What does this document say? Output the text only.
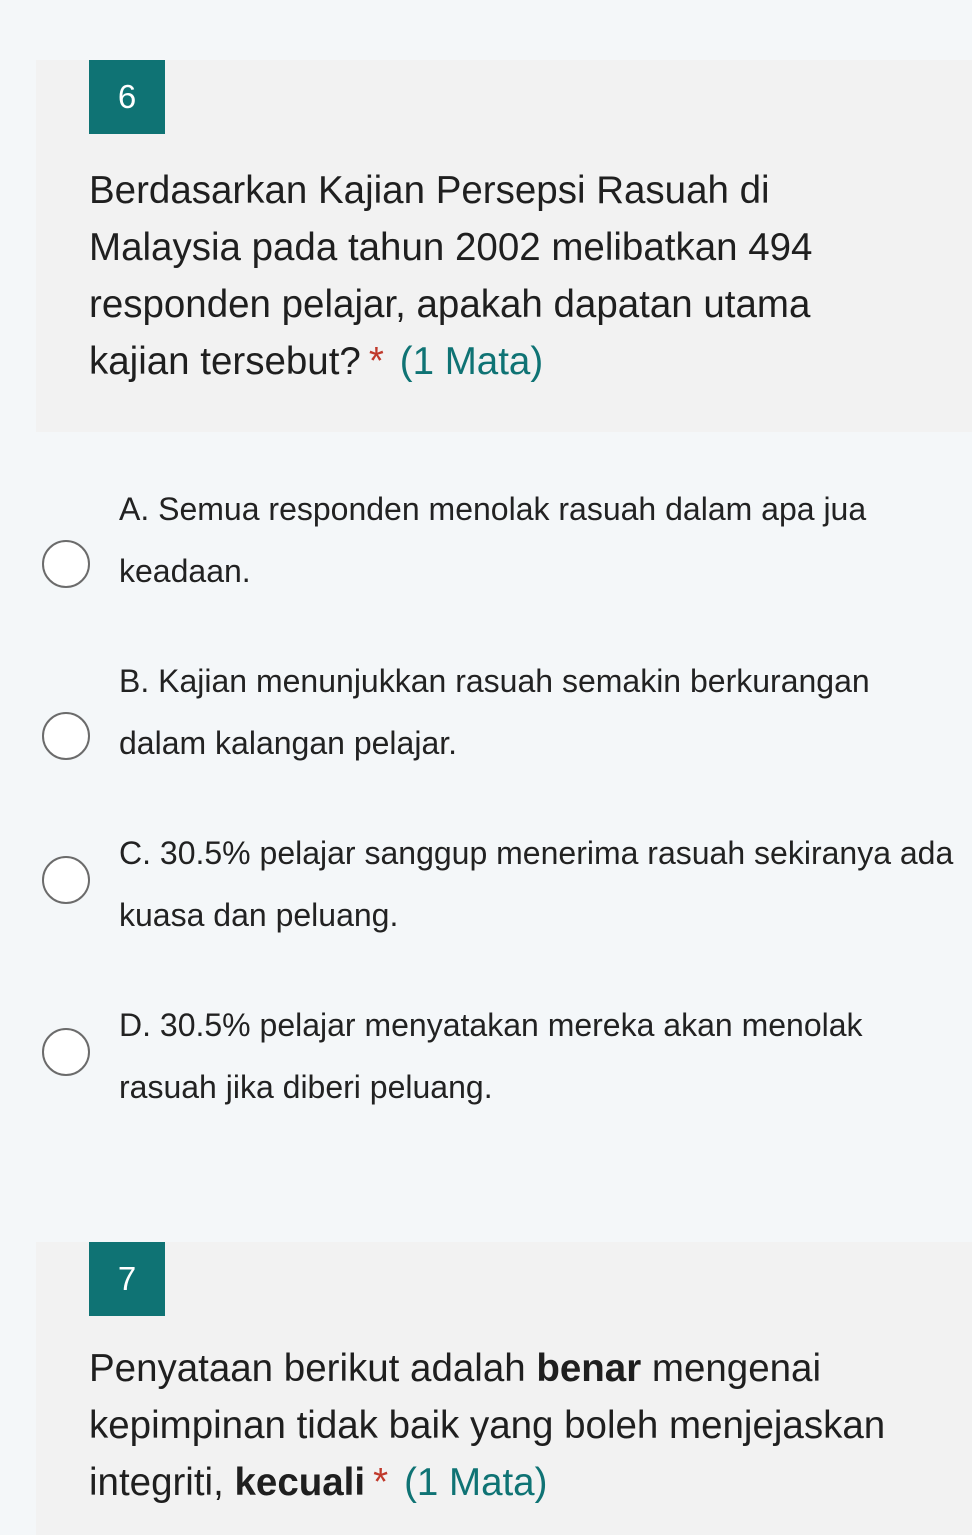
6
Berdasarkan Kajian Persepsi Rasuah di Malaysia pada tahun 2002 melibatkan 494 responden pelajar, apakah dapatan utama kajian tersebut? * (1 Mata)
A. Semua responden menolak rasuah dalam apa jua keadaan.
B. Kajian menunjukkan rasuah semakin berkurangan dalam kalangan pelajar.
C. 30.5% pelajar sanggup menerima rasuah sekiranya ada kuasa dan peluang.
D. 30.5% pelajar menyatakan mereka akan menolak rasuah jika diberi peluang.
7
Penyataan berikut adalah benar mengenai kepimpinan tidak baik yang boleh menjejaskan integriti, kecuali * (1 Mata)
